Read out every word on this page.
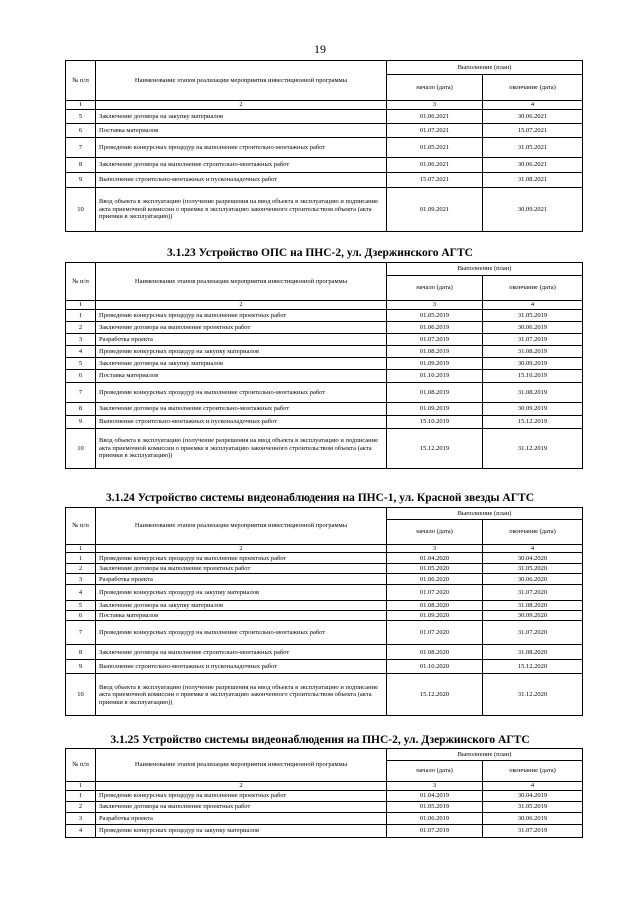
19
3.1.23 Устройство ОПС на ПНС-2, ул. Дзержинского АГТС
3.1.24 Устройство системы видеонаблюдения на ПНС-1, ул. Красной звезды АГТС
3.1.25 Устройство системы видеонаблюдения на ПНС-2, ул. Дзержинского АГТС
№ п/п	Наименование этапов реализации мероприятия инвестиционной программы	Выполнение (план)	
		начало (дата)	окончание (дата)
1	2	3	4
5	Заключение договора на закупку материалов	01.06.2021	30.06.2021
6	Поставка материалов	01.07.2021	15.07.2021
7	Проведение конкурсных процедур на выполнение строительно-монтажных работ	01.05.2021	31.05.2021
8	Заключение договора на выполнение строительно-монтажных работ	01.06.2021	30.06.2021
9	Выполнение строительно-монтажных и пусконаладочных работ	15.07.2021	31.08.2021
10	Ввод объекта в эксплуатацию (получение разрешения на ввод объекта в эксплуатацию и подписание акта приемочной комиссии о приемке в эксплуатацию законченного строительством объекта (акта приемки в эксплуатацию))	01.09.2021	30.09.2021
№ п/п	Наименование этапов реализации мероприятия инвестиционной программы	Выполнение (план)	
		начало (дата)	окончание (дата)
1	2	3	4
1	Проведение конкурсных процедур на выполнение проектных работ	01.05.2019	31.05.2019
2	Заключение договора на выполнение проектных работ	01.06.2019	30.06.2019
3	Разработка проекта	01.07.2019	31.07.2019
4	Проведение конкурсных процедур на закупку материалов	01.08.2019	31.08.2019
5	Заключение договора на закупку материалов	01.09.2019	30.09.2019
6	Поставка материалов	01.10.2019	15.10.2019
7	Проведение конкурсных процедур на выполнение строительно-монтажных работ	01.08.2019	31.08.2019
8	Заключение договора на выполнение строительно-монтажных работ	01.09.2019	30.09.2019
9	Выполнение строительно-монтажных и пусконаладочных работ	15.10.2019	15.12.2019
10	Ввод объекта в эксплуатацию (получение разрешения на ввод объекта в эксплуатацию и подписание акта приемочной комиссии о приемке в эксплуатацию законченного строительством объекта (акта приемки в эксплуатацию))	15.12.2019	31.12.2019
№ п/п	Наименование этапов реализации мероприятия инвестиционной программы	Выполнение (план)	
		начало (дата)	окончание (дата)
1	2	3	4
1	Проведение конкурсных процедур на выполнение проектных работ	01.04.2020	30.04.2020
2	Заключение договора на выполнение проектных работ	01.05.2020	31.05.2020
3	Разработка проекта	01.06.2020	30.06.2020
4	Проведение конкурсных процедур на закупку материалов	01.07.2020	31.07.2020
5	Заключение договора на закупку материалов	01.08.2020	31.08.2020
6	Поставка материалов	01.09.2020	30.09.2020
7	Проведение конкурсных процедур на выполнение строительно-монтажных работ	01.07.2020	31.07.2020
8	Заключение договора на выполнение строительно-монтажных работ	01.08.2020	31.08.2020
9	Выполнение строительно-монтажных и пусконаладочных работ	01.10.2020	15.12.2020
10	Ввод объекта в эксплуатацию (получение разрешения на ввод объекта в эксплуатацию и подписание акта приемочной комиссии о приемке в эксплуатацию законченного строительством объекта (акта приемки в эксплуатацию))	15.12.2020	31.12.2020
№ п/п	Наименование этапов реализации мероприятия инвестиционной программы	Выполнение (план)	
		начало (дата)	окончание (дата)
1	2	3	4
1	Проведение конкурсных процедур на выполнение проектных работ	01.04.2019	30.04.2019
2	Заключение договора на выполнение проектных работ	01.05.2019	31.05.2019
3	Разработка проекта	01.06.2019	30.06.2019
4	Проведение конкурсных процедур на закупку материалов	01.07.2019	31.07.2019
